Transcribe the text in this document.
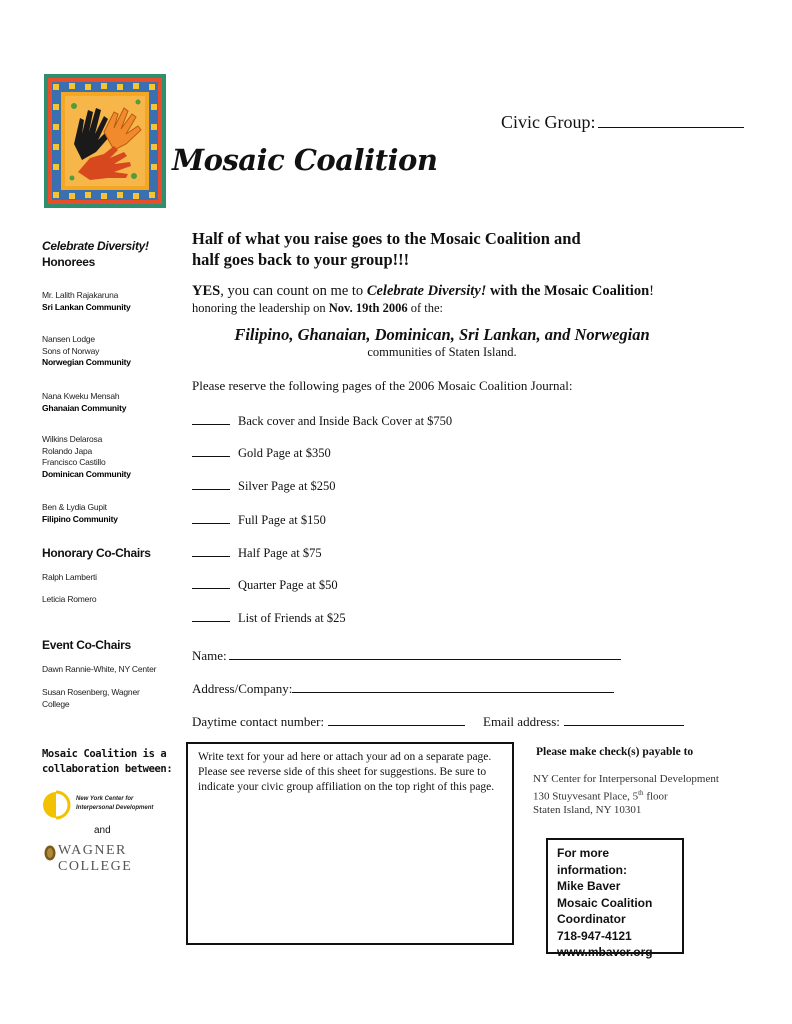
Mosaic Coalition
Civic Group:
Celebrate Diversity!
Honorees
Mr. Lalith Rajakaruna
Sri Lankan Community
Nansen Lodge
Sons of Norway
Norwegian Community
Nana Kweku Mensah
Ghanaian Community
Wilkins Delarosa
Rolando Japa
Francisco Castillo
Dominican Community
Ben & Lydia Gupit
Filipino Community
Honorary Co-Chairs
Ralph Lamberti
Leticia Romero
Event Co-Chairs
Dawn Rannie-White, NY Center
Susan Rosenberg, Wagner
College
Mosaic Coalition is a
collaboration between:
New York Center for
Interpersonal Development
and
WAGNER COLLEGE
Half of what you raise goes to the Mosaic Coalition and
half goes back to your group!!!
YES, you can count on me to Celebrate Diversity! with the Mosaic Coalition!
honoring the leadership on Nov. 19th 2006 of the:
Filipino, Ghanaian, Dominican, Sri Lankan, and Norwegian
communities of Staten Island.
Please reserve the following pages of the 2006 Mosaic Coalition Journal:
Back cover and Inside Back Cover at $750
Gold Page at $350
Silver Page at $250
Full Page at $150
Half Page at $75
Quarter Page at $50
List of Friends at $25
Name:
Address/Company:
Daytime contact number:	Email address:
Write text for your ad here or attach your ad on a separate page. Please see reverse side of this sheet for suggestions. Be sure to indicate your civic group affiliation on the top right of this page.
Please make check(s) payable to
NY Center for Interpersonal Development
130 Stuyvesant Place, 5th floor
Staten Island, NY 10301
For more information:
Mike Baver
Mosaic Coalition
Coordinator
718-947-4121
www.mbaver.org
